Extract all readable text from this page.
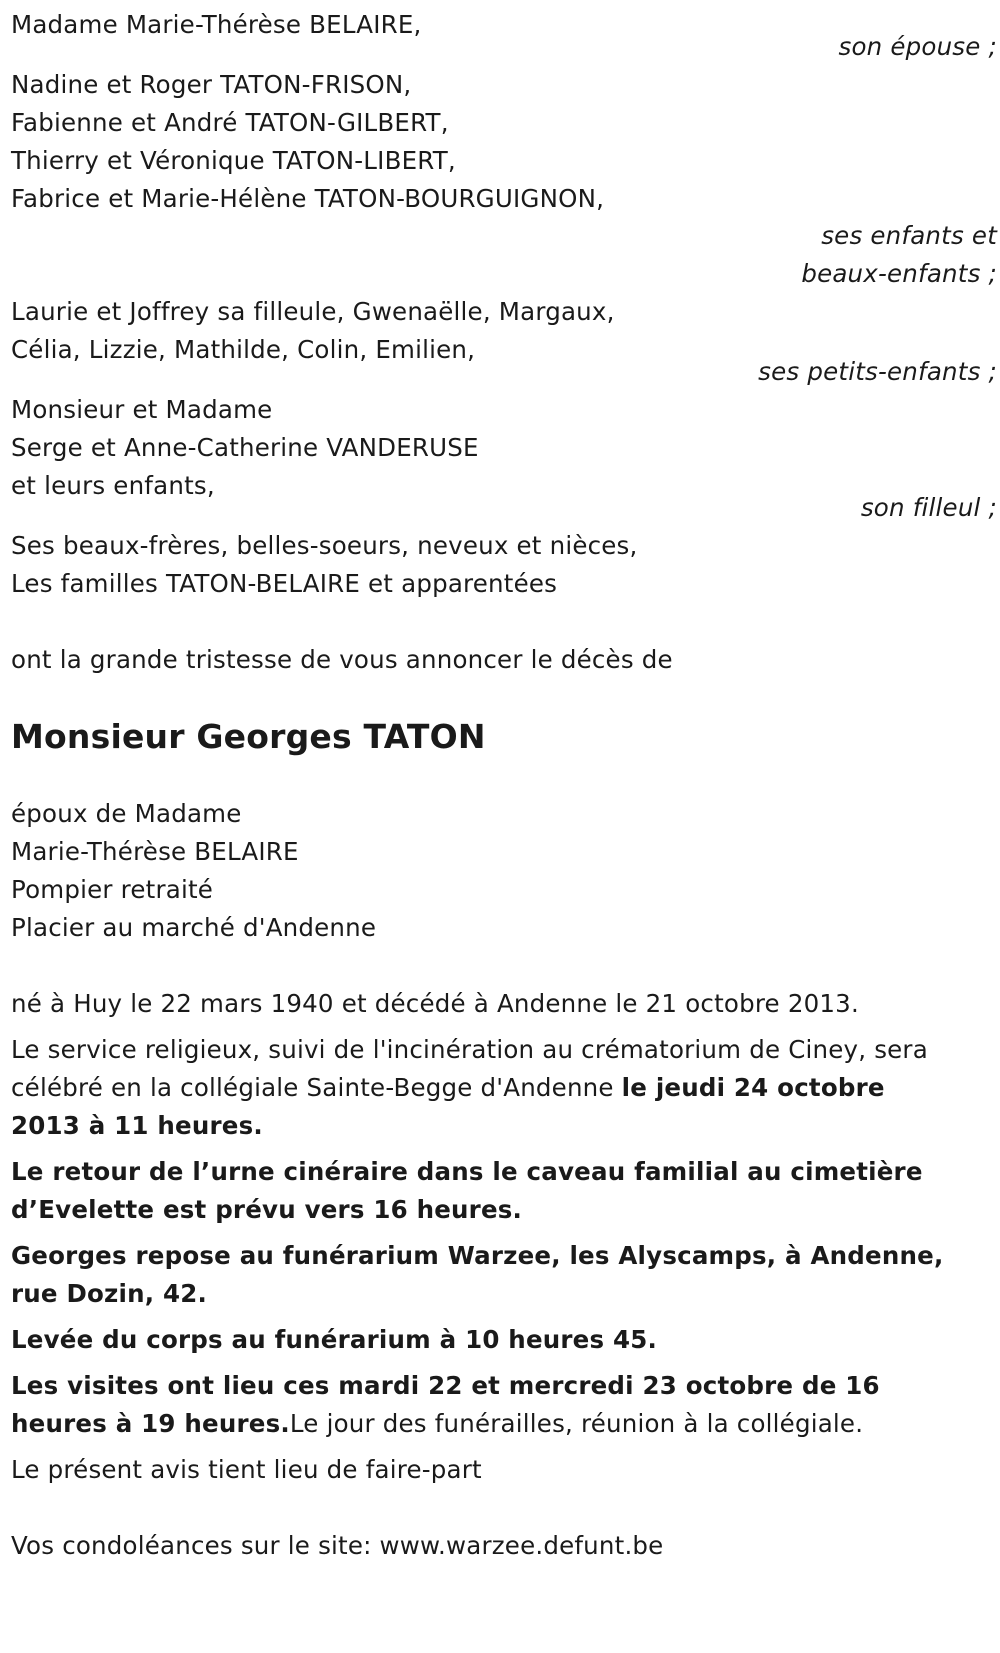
Madame Marie-Thérèse BELAIRE,
son épouse ;
Nadine et Roger TATON-FRISON,
Fabienne et André TATON-GILBERT,
Thierry et Véronique TATON-LIBERT,
Fabrice et Marie-Hélène TATON-BOURGUIGNON,
ses enfants et
beaux-enfants ;
Laurie et Joffrey sa filleule, Gwenaëlle, Margaux,
Célia, Lizzie, Mathilde, Colin, Emilien,
ses petits-enfants ;
Monsieur et Madame
Serge et Anne-Catherine VANDERUSE
et leurs enfants,
son filleul ;
Ses beaux-frères, belles-soeurs, neveux et nièces,
Les familles TATON-BELAIRE et apparentées
ont la grande tristesse de vous annoncer le décès de
Monsieur Georges TATON
époux de Madame
Marie-Thérèse BELAIRE
Pompier retraité
Placier au marché d'Andenne
né à Huy le 22 mars 1940 et décédé à Andenne le 21 octobre 2013.
Le service religieux, suivi de l'incinération au crématorium de Ciney, sera célébré en la collégiale Sainte-Begge d'Andenne le jeudi 24 octobre 2013 à 11 heures.
Le retour de l’urne cinéraire dans le caveau familial au cimetière d’Evelette est prévu vers 16 heures.
Georges repose au funérarium Warzee, les Alyscamps, à Andenne, rue Dozin, 42.
Levée du corps au funérarium à 10 heures 45.
Les visites ont lieu ces mardi 22 et mercredi 23 octobre de 16 heures à 19 heures.Le jour des funérailles, réunion à la collégiale.
Le présent avis tient lieu de faire-part
Vos condoléances sur le site: www.warzee.defunt.be
